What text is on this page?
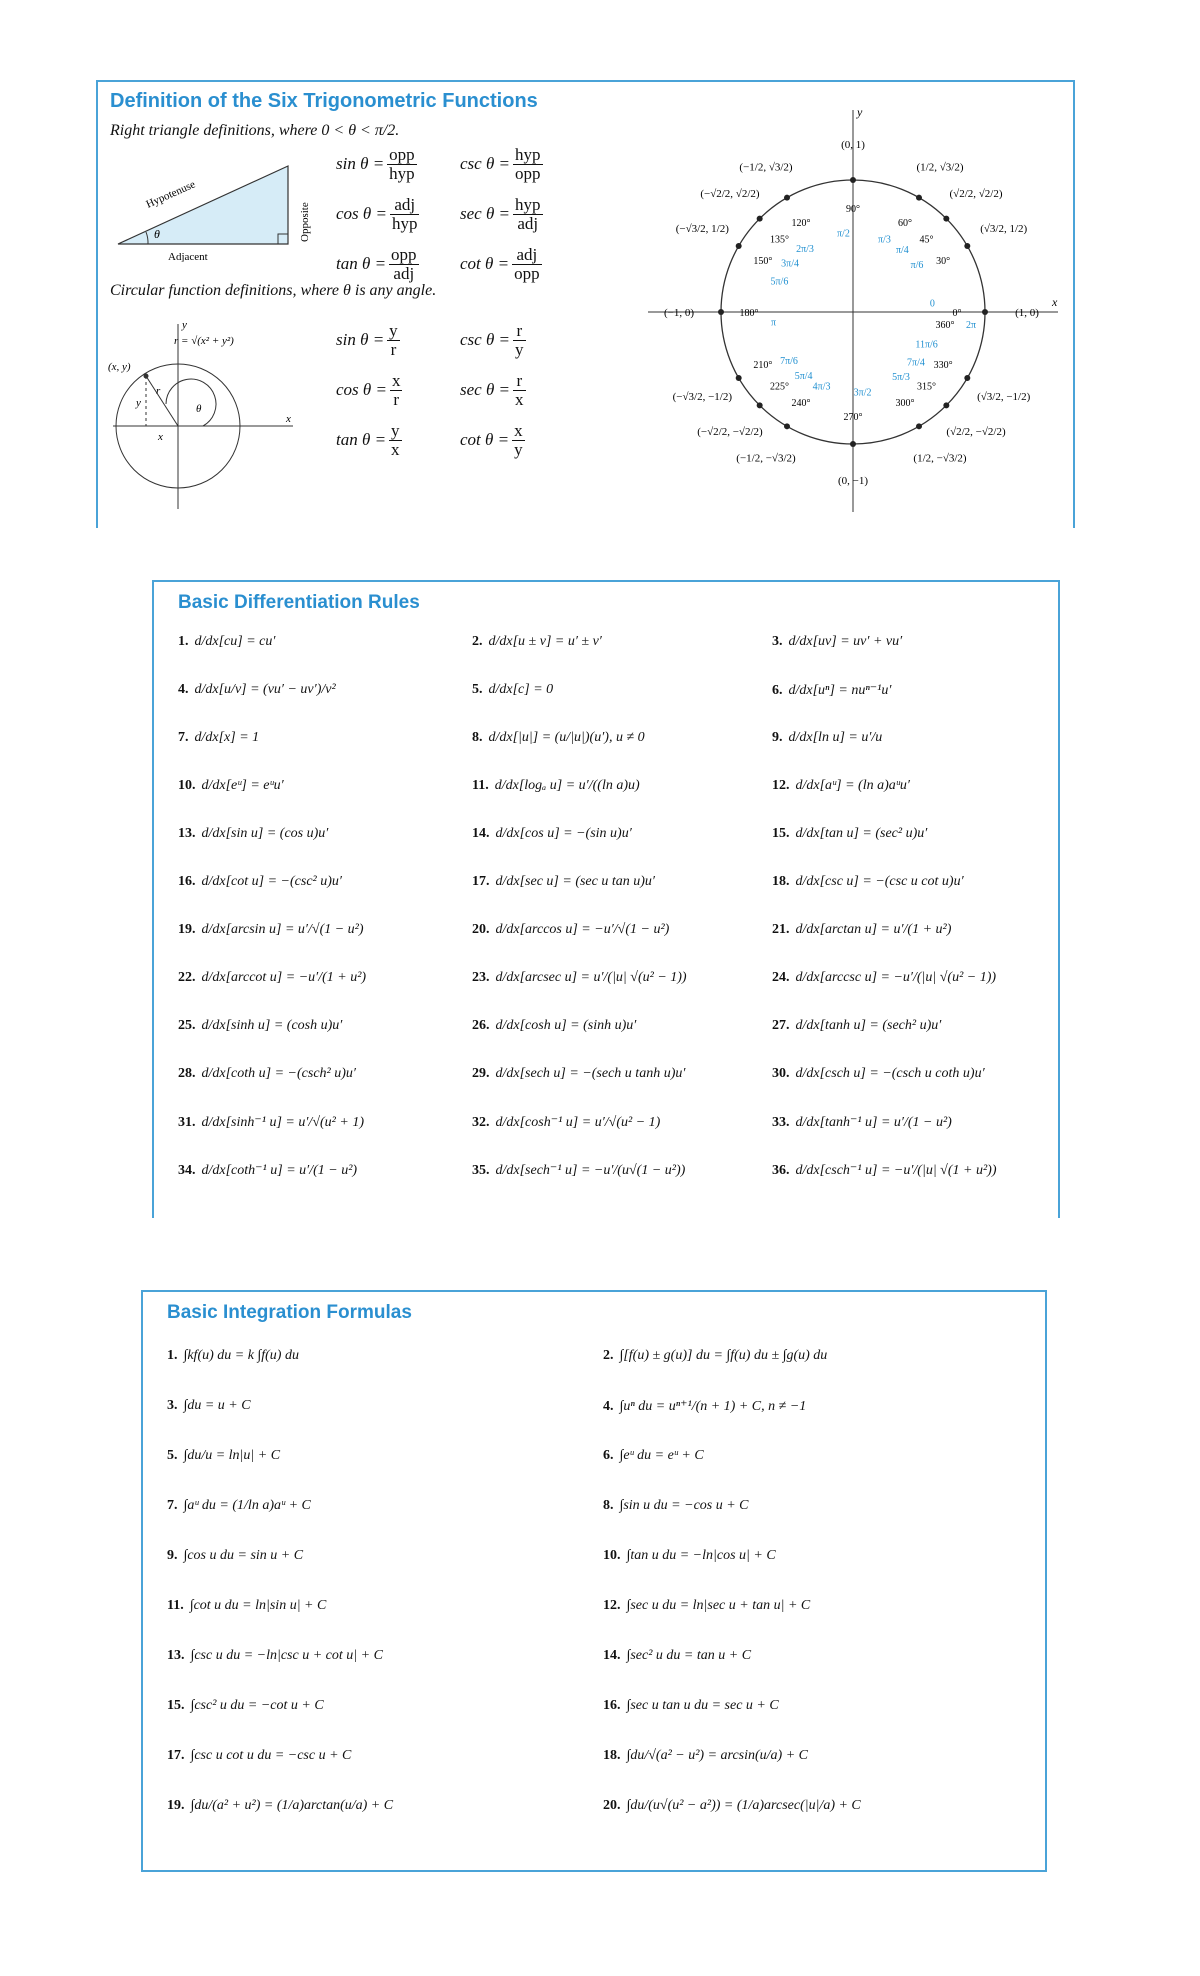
Definition of the Six Trigonometric Functions
Right triangle definitions, where 0 < θ < π/2.
θ
Hypotenuse
Adjacent
Opposite
$\sin \theta = \frac{\text{opp}}{\text{hyp}}$	$\csc \theta = \frac{\text{hyp}}{\text{opp}}$
$\cos \theta = \frac{\text{adj}}{\text{hyp}}$ $\sec \theta = \frac{\text{hyp}}{\text{adj}}$
$\tan \theta = \frac{\text{opp}}{\text{adj}}$ $\cot \theta = \frac{\text{adj}}{\text{opp}}$
Circular function definitions, where θ is any angle.
(x, y)
r = √(x² + y²)
r
θ
y
x
x
y
$\sin \theta = \frac{y}{r}$	$\csc \theta = \frac{r}{y}$
$\cos \theta = \frac{x}{r}$	$\sec \theta = \frac{r}{x}$
$\tan \theta = \frac{y}{x}$	$\cot \theta = \frac{x}{y}$
x
y
0°
0
(1, 0)
30°
π/6
(√3/2, 1/2)
45°
π/4
(√2/2, √2/2)
60°
π/3
(1/2, √3/2)
90°
π/2
(0, 1)
120°
2π/3
(−1/2, √3/2)
135°
3π/4
(−√2/2, √2/2)
150°
5π/6
(−√3/2, 1/2)
180°
π
(−1, 0)
210° 7π/6
(−√3/2, −1/2)
225°
5π/4
(−√2/2, −√2/2)
240°
4π/3
(−1/2, −√3/2)
270°
3π/2
(0, −1)
300°
5π/3
(1/2, −√3/2)
315°
7π/4
(√2/2, −√2/2)
330°
11π/6
(√3/2, −1/2)
360° 2π
Basic Differentiation Rules
1. d/dx[cu] = cu′	2. d/dx[u ± v] = u′ ± v′	3. d/dx[uv] = uv′ + vu′
4. d/dx[u/v] = (vu′ − uv′)/v²	5. d/dx[c] = 0	6. d/dx[uⁿ] = nuⁿ⁻¹u′
7. d/dx[x] = 1	8. d/dx[|u|] = (u/|u|)(u′), u ≠ 0	9. d/dx[ln u] = u′/u
10. d/dx[eᵘ] = eᵘu′	11. d/dx[logₐ u] = u′/((ln a)u)	12. d/dx[aᵘ] = (ln a)aᵘu′
13. d/dx[sin u] = (cos u)u′	14. d/dx[cos u] = −(sin u)u′	15. d/dx[tan u] = (sec² u)u′
16. d/dx[cot u] = −(csc² u)u′	17. d/dx[sec u] = (sec u tan u)u′	18. d/dx[csc u] = −(csc u cot u)u′
19. d/dx[arcsin u] = u′/√(1 − u²)	20. d/dx[arccos u] = −u′/√(1 − u²)	21. d/dx[arctan u] = u′/(1 + u²)
22. d/dx[arccot u] = −u′/(1 + u²)	23. d/dx[arcsec u] = u′/(|u| √(u² − 1))	24. d/dx[arccsc u] = −u′/(|u| √(u² − 1))
25. d/dx[sinh u] = (cosh u)u′	26. d/dx[cosh u] = (sinh u)u′	27. d/dx[tanh u] = (sech² u)u′
28. d/dx[coth u] = −(csch² u)u′	29. d/dx[sech u] = −(sech u tanh u)u′	30. d/dx[csch u] = −(csch u coth u)u′
31. d/dx[sinh⁻¹ u] = u′/√(u² + 1)	32. d/dx[cosh⁻¹ u] = u′/√(u² − 1)	33. d/dx[tanh⁻¹ u] = u′/(1 − u²)
34. d/dx[coth⁻¹ u] = u′/(1 − u²)	35. d/dx[sech⁻¹ u] = −u′/(u√(1 − u²))	36. d/dx[csch⁻¹ u] = −u′/(|u| √(1 + u²))
Basic Integration Formulas
1. ∫kf(u) du = k ∫f(u) du	2. ∫[f(u) ± g(u)] du = ∫f(u) du ± ∫g(u) du
3. ∫du = u + C	4. ∫uⁿ du = uⁿ⁺¹/(n + 1) + C, n ≠ −1
5. ∫du/u = ln|u| + C	6. ∫eᵘ du = eᵘ + C
7. ∫aᵘ du = (1/ln a)aᵘ + C	8. ∫sin u du = −cos u + C
9. ∫cos u du = sin u + C	10. ∫tan u du = −ln|cos u| + C
11. ∫cot u du = ln|sin u| + C	12. ∫sec u du = ln|sec u + tan u| + C
13. ∫csc u du = −ln|csc u + cot u| + C	14. ∫sec² u du = tan u + C
15. ∫csc² u du = −cot u + C	16. ∫sec u tan u du = sec u + C
17. ∫csc u cot u du = −csc u + C	18. ∫du/√(a² − u²) = arcsin(u/a) + C
19. ∫du/(a² + u²) = (1/a)arctan(u/a) + C	20. ∫du/(u√(u² − a²)) = (1/a)arcsec(|u|/a) + C
